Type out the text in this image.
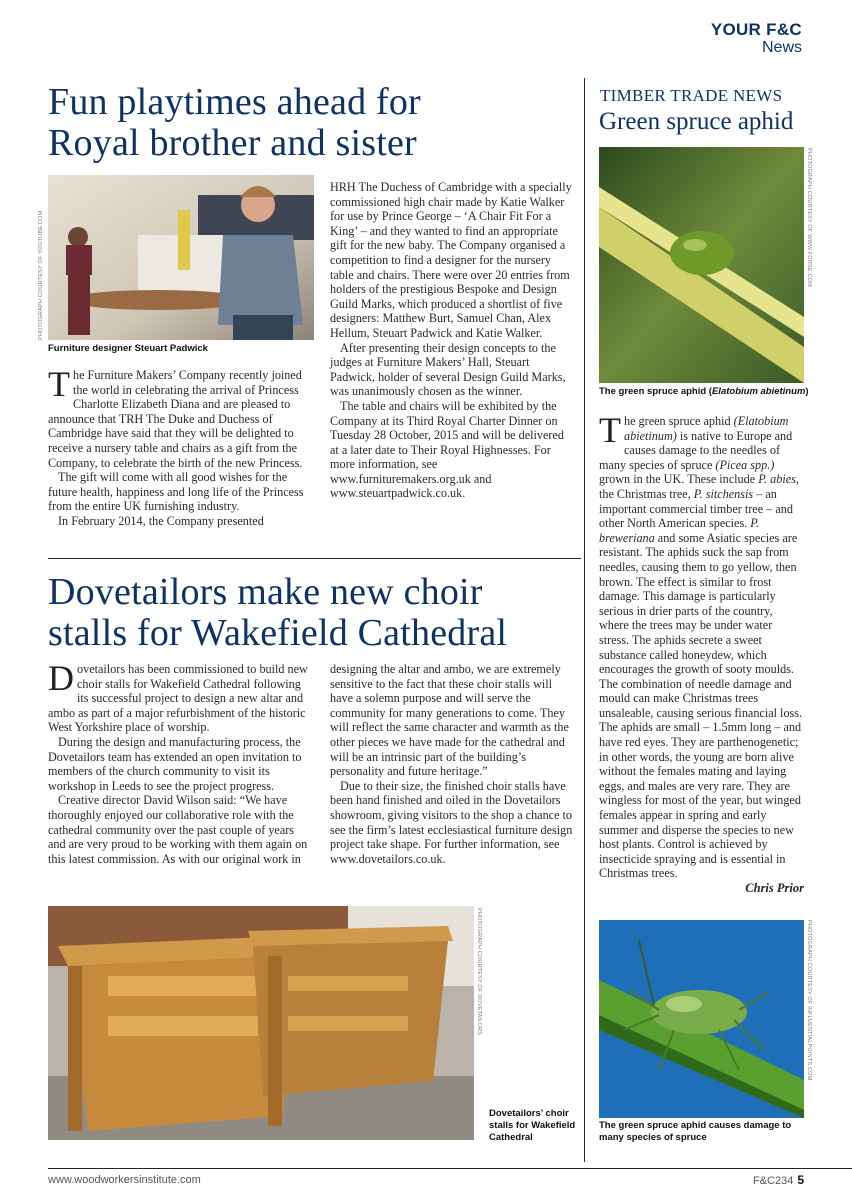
YOUR F&C
News
Fun playtimes ahead for
Royal brother and sister
PHOTOGRAPH COURTESY OF YOUTUBE.COM
Furniture designer Steuart Padwick

The Furniture Makers’ Company recently joined the world in celebrating the arrival of Princess Charlotte Elizabeth Diana and are pleased to announce that TRH The Duke and Duchess of Cambridge have said that they will be delighted to receive a nursery table and chairs as a gift from the Company, to celebrate the birth of the new Princess.

The gift will come with all good wishes for the future health, happiness and long life of the Princess from the entire UK furnishing industry.

In February 2014, the Company presented

HRH The Duchess of Cambridge with a specially commissioned high chair made by Katie Walker for use by Prince George – ‘A Chair Fit For a King’ – and they wanted to find an appropriate gift for the new baby. The Company organised a competition to find a designer for the nursery table and chairs. There were over 20 entries from holders of the prestigious Bespoke and Design Guild Marks, which produced a shortlist of five designers: Matthew Burt, Samuel Chan, Alex Hellum, Steuart Padwick and Katie Walker.

After presenting their design concepts to the judges at Furniture Makers’ Hall, Steuart Padwick, holder of several Design Guild Marks, was unanimously chosen as the winner.

The table and chairs will be exhibited by the Company at its Third Royal Charter Dinner on Tuesday 28 October, 2015 and will be delivered at a later date to Their Royal Highnesses. For more information, see www.furnituremakers.org.uk and www.steuartpadwick.co.uk.

Dovetailors make new choir
stalls for Wakefield Cathedral

Dovetailors has been commissioned to build new choir stalls for Wakefield Cathedral following its successful project to design a new altar and ambo as part of a major refurbishment of the historic West Yorkshire place of worship.

During the design and manufacturing process, the Dovetailors team has extended an open invitation to members of the church community to visit its workshop in Leeds to see the project progress.

Creative director David Wilson said: “We have thoroughly enjoyed our collaborative role with the cathedral community over the past couple of years and are very proud to be working with them again on this latest commission. As with our original work in

designing the altar and ambo, we are extremely sensitive to the fact that these choir stalls will have a solemn purpose and will serve the community for many generations to come. They will reflect the same character and warmth as the other pieces we have made for the cathedral and will be an intrinsic part of the building’s personality and future heritage.”

Due to their size, the finished choir stalls have been hand finished and oiled in the Dovetailors showroom, giving visitors to the shop a chance to see the firm’s latest ecclesiastical furniture design project take shape. For further information, see www.dovetailors.co.uk.

PHOTOGRAPH COURTESY OF DOVETAILORS
Dovetailors’ choir stalls for Wakefield Cathedral
TIMBER TRADE NEWS
Green spruce aphid
PHOTOGRAPH COURTESY OF WWW.FORSE.COM
The green spruce aphid (Elatobium abietinum)

The green spruce aphid (Elatobium abietinum) is native to Europe and causes damage to the needles of many species of spruce (Picea spp.) grown in the UK. These include P. abies, the Christmas tree, P. sitchensis – an important commercial timber tree – and other North American species. P. breweriana and some Asiatic species are resistant. The aphids suck the sap from needles, causing them to go yellow, then brown. The effect is similar to frost damage. This damage is particularly serious in drier parts of the country, where the trees may be under water stress. The aphids secrete a sweet substance called honeydew, which encourages the growth of sooty moulds. The combination of needle damage and mould can make Christmas trees unsaleable, causing serious financial loss. The aphids are small – 1.5mm long – and have red eyes. They are parthenogenetic; in other words, the young are born alive without the females mating and laying eggs, and males are very rare. They are wingless for most of the year, but winged females appear in spring and early summer and disperse the species to new host plants. Control is achieved by insecticide spraying and is essential in Christmas trees.

Chris Prior
PHOTOGRAPH COURTESY OF INFLUENTIALPOINTS.COM
The green spruce aphid causes damage to many species of spruce
www.woodworkersinstitute.com	F&C234 5
